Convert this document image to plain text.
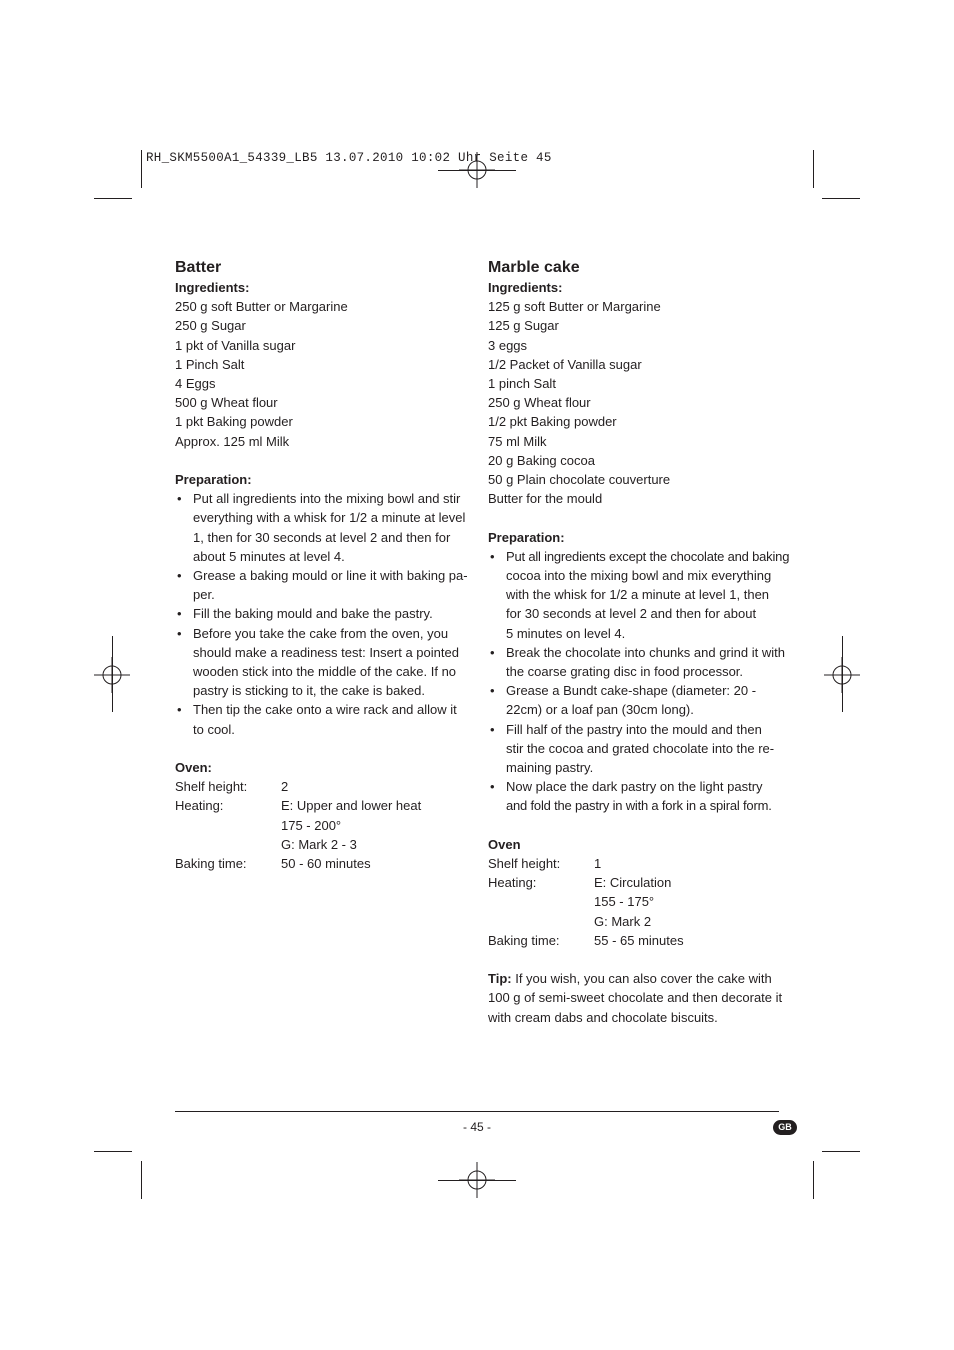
RH_SKM5500A1_54339_LB5 13.07.2010 10:02 Uhr Seite 45
Batter
Ingredients:
250 g soft Butter or Margarine
250 g Sugar
1 pkt of Vanilla sugar
1 Pinch Salt
4 Eggs
500 g Wheat flour
1 pkt Baking powder
Approx. 125 ml Milk
Preparation:
• Put all ingredients into the mixing bowl and stir
everything with a whisk for 1/2 a minute at level
1, then for 30 seconds at level 2 and then for
about 5 minutes at level 4.
• Grease a baking mould or line it with baking pa-
per.
• Fill the baking mould and bake the pastry.
• Before you take the cake from the oven, you
should make a readiness test: Insert a pointed
wooden stick into the middle of the cake. If no
pastry is sticking to it, the cake is baked.
• Then tip the cake onto a wire rack and allow it
to cool.
Oven:
Shelf height:	2
Heating:	E: Upper and lower heat
175 - 200°
G: Mark 2 - 3
Baking time:	50 - 60 minutes
Marble cake
Ingredients:
125 g soft Butter or Margarine
125 g Sugar
3 eggs
1/2 Packet of Vanilla sugar
1 pinch Salt
250 g Wheat flour
1/2 pkt Baking powder
75 ml Milk
20 g Baking cocoa
50 g Plain chocolate couverture
Butter for the mould
Preparation:
• Put all ingredients except the chocolate and baking
cocoa into the mixing bowl and mix everything
with the whisk for 1/2 a minute at level 1, then
for 30 seconds at level 2 and then for about
5 minutes on level 4.
• Break the chocolate into chunks and grind it with
the coarse grating disc in food processor.
• Grease a Bundt cake-shape (diameter: 20 -
22cm) or a loaf pan (30cm long).
• Fill half of the pastry into the mould and then
stir the cocoa and grated chocolate into the re-
maining pastry.
• Now place the dark pastry on the light pastry
and fold the pastry in with a fork in a spiral form.
Oven
Shelf height:	1
Heating:	E: Circulation
155 - 175°
G: Mark 2
Baking time:	55 - 65 minutes
Tip: If you wish, you can also cover the cake with
100 g of semi-sweet chocolate and then decorate it
with cream dabs and chocolate biscuits.
- 45 -	GB
